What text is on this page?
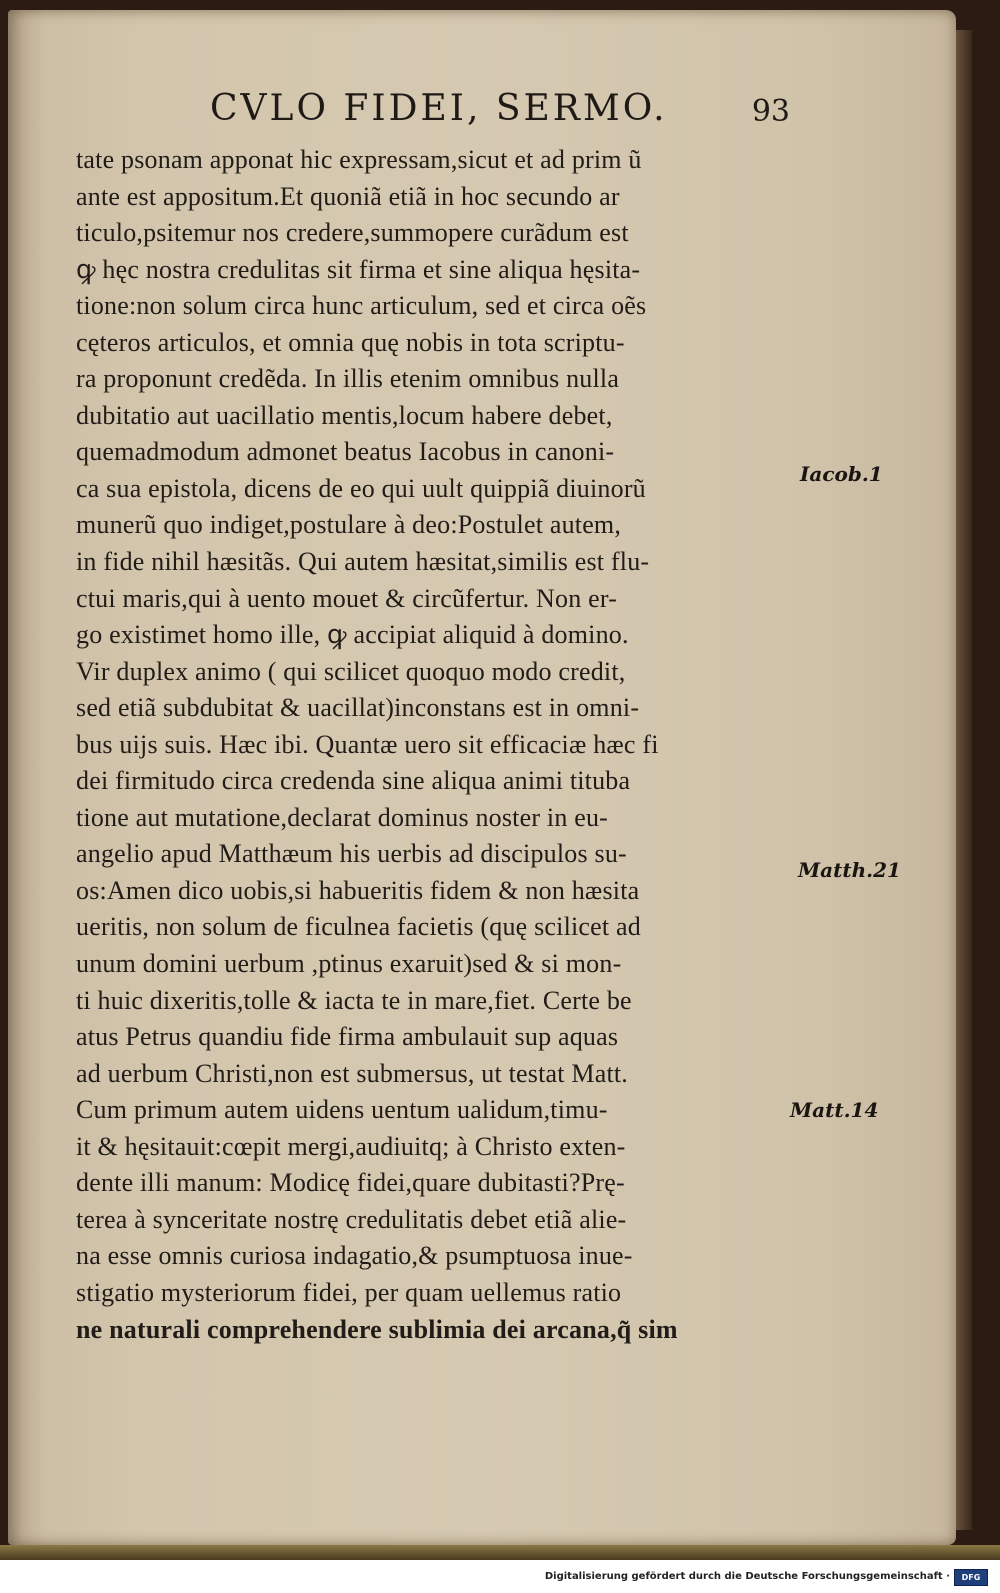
CVLO FIDEI, SERMO.	93
tate psonam apponat hic expressam,sicut et ad prim ũ
ante est appositum.Et quoniã etiã in hoc secundo ar
ticulo,psitemur nos credere,summopere curãdum est
ꝙ hęc nostra credulitas sit firma et sine aliqua hęsita-
tione:non solum circa hunc articulum, sed et circa oẽs
cęteros articulos, et omnia quę nobis in tota scriptu-
ra proponunt credẽda. In illis etenim omnibus nulla
dubitatio aut uacillatio mentis,locum habere debet,
quemadmodum admonet beatus Iacobus in canoni-
ca sua epistola, dicens de eo qui uult quippiã diuinorũ
munerũ quo indiget,postulare à deo:Postulet autem,
in fide nihil hæsitãs. Qui autem hæsitat,similis est flu-
ctui maris,qui à uento mouet & circũfertur. Non er-
go existimet homo ille, ꝙ accipiat aliquid à domino.
Vir duplex animo ( qui scilicet quoquo modo credit,
sed etiã subdubitat & uacillat)inconstans est in omni-
bus uijs suis. Hæc ibi. Quantæ uero sit efficaciæ hæc fi
dei firmitudo circa credenda sine aliqua animi tituba
tione aut mutatione,declarat dominus noster in eu-
angelio apud Matthæum his uerbis ad discipulos su-
os:Amen dico uobis,si habueritis fidem & non hæsita
ueritis, non solum de ficulnea facietis (quę scilicet ad
unum domini uerbum ,ptinus exaruit)sed & si mon-
ti huic dixeritis,tolle & iacta te in mare,fiet. Certe be
atus Petrus quandiu fide firma ambulauit sup aquas
ad uerbum Christi,non est submersus, ut testat Matt.
Cum primum autem uidens uentum ualidum,timu-
it & hęsitauit:cœpit mergi,audiuitq; à Christo exten-
dente illi manum: Modicę fidei,quare dubitasti?Prę-
terea à synceritate nostrę credulitatis debet etiã alie-
na esse omnis curiosa indagatio,& psumptuosa inue-
stigatio mysteriorum fidei, per quam uellemus ratio
ne naturali comprehendere sublimia dei arcana,q̃ sim
Iacob.1
Matth.21
Matt.14
Digitalisierung gefördert durch die Deutsche Forschungsgemeinschaft ·	DFG
